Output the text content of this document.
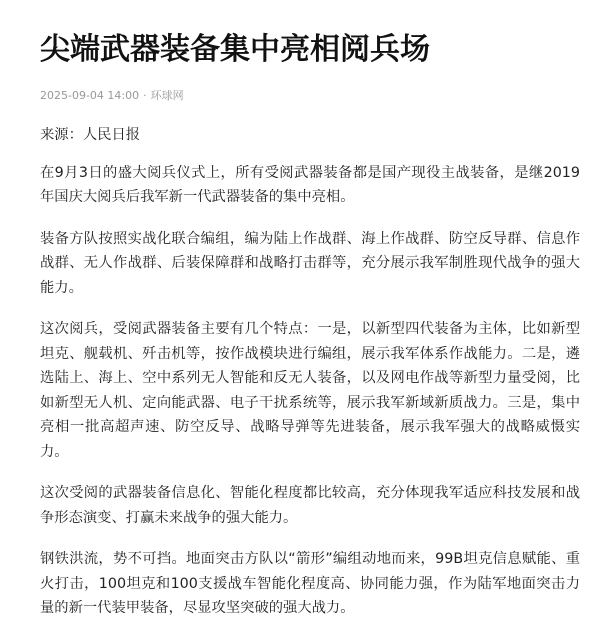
尖端武器装备集中亮相阅兵场
2025-09-04 14:00 · 环球网

来源：人民日报

在9月3日的盛大阅兵仪式上，所有受阅武器装备都是国产现役主战装备，是继2019年国庆大阅兵后我军新一代武器装备的集中亮相。

装备方队按照实战化联合编组，编为陆上作战群、海上作战群、防空反导群、信息作战群、无人作战群、后装保障群和战略打击群等，充分展示我军制胜现代战争的强大能力。

这次阅兵，受阅武器装备主要有几个特点：一是，以新型四代装备为主体，比如新型坦克、舰载机、歼击机等，按作战模块进行编组，展示我军体系作战能力。二是，遴选陆上、海上、空中系列无人智能和反无人装备，以及网电作战等新型力量受阅，比如新型无人机、定向能武器、电子干扰系统等，展示我军新域新质战力。三是，集中亮相一批高超声速、防空反导、战略导弹等先进装备，展示我军强大的战略威慑实力。

这次受阅的武器装备信息化、智能化程度都比较高，充分体现我军适应科技发展和战争形态演变、打赢未来战争的强大能力。

钢铁洪流，势不可挡。地面突击方队以“箭形”编组动地而来，99B坦克信息赋能、重火打击，100坦克和100支援战车智能化程度高、协同能力强，作为陆军地面突击力量的新一代装甲装备，尽显攻坚突破的强大战力。
